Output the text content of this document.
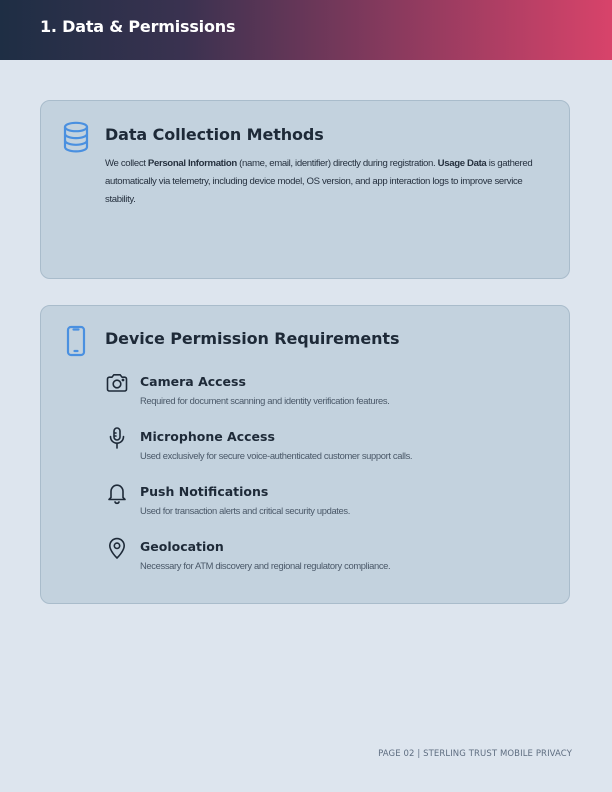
1. Data & Permissions
Data Collection Methods
We collect Personal Information (name, email, identifier) directly during registration. Usage Data is gathered automatically via telemetry, including device model, OS version, and app interaction logs to improve service stability.
Device Permission Requirements
Camera Access
Required for document scanning and identity verification features.
Microphone Access
Used exclusively for secure voice-authenticated customer support calls.
Push Notifications
Used for transaction alerts and critical security updates.
Geolocation
Necessary for ATM discovery and regional regulatory compliance.
PAGE 02 | STERLING TRUST MOBILE PRIVACY
